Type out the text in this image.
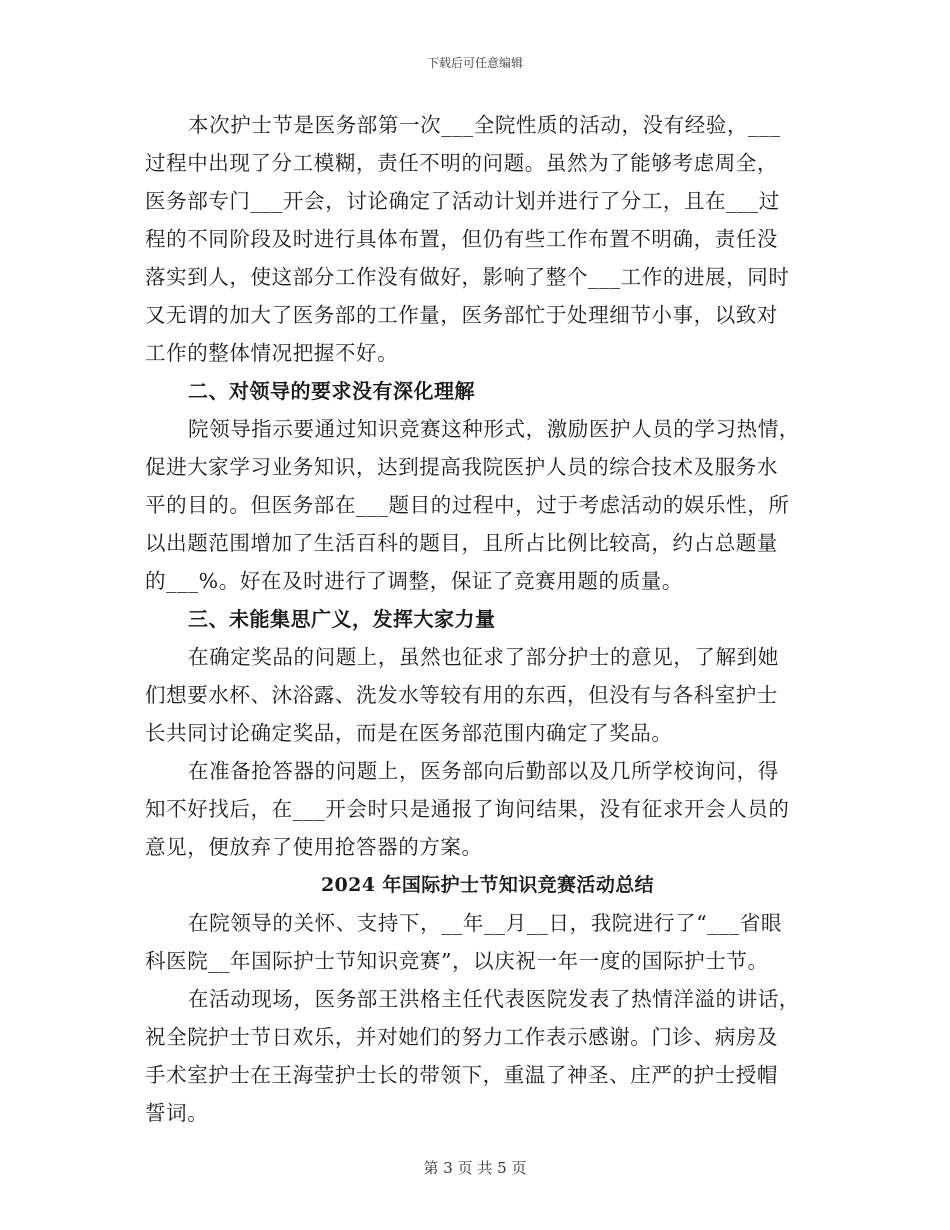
下载后可任意编辑
本次护士节是医务部第一次___全院性质的活动，没有经验，___
过程中出现了分工模糊，责任不明的问题。虽然为了能够考虑周全，
医务部专门___开会，讨论确定了活动计划并进行了分工，且在___过
程的不同阶段及时进行具体布置，但仍有些工作布置不明确，责任没
落实到人，使这部分工作没有做好，影响了整个___工作的进展，同时
又无谓的加大了医务部的工作量，医务部忙于处理细节小事，以致对
工作的整体情况把握不好。
二、对领导的要求没有深化理解
院领导指示要通过知识竞赛这种形式，激励医护人员的学习热情，
促进大家学习业务知识，达到提高我院医护人员的综合技术及服务水
平的目的。但医务部在___题目的过程中，过于考虑活动的娱乐性，所
以出题范围增加了生活百科的题目，且所占比例比较高，约占总题量
的___%。好在及时进行了调整，保证了竞赛用题的质量。
三、未能集思广义，发挥大家力量
在确定奖品的问题上，虽然也征求了部分护士的意见，了解到她
们想要水杯、沐浴露、洗发水等较有用的东西，但没有与各科室护士
长共同讨论确定奖品，而是在医务部范围内确定了奖品。
在准备抢答器的问题上，医务部向后勤部以及几所学校询问，得
知不好找后，在___开会时只是通报了询问结果，没有征求开会人员的
意见，便放弃了使用抢答器的方案。
2024 年国际护士节知识竞赛活动总结
在院领导的关怀、支持下，__年__月__日，我院进行了“___省眼
科医院__年国际护士节知识竞赛”，以庆祝一年一度的国际护士节。
在活动现场，医务部王洪格主任代表医院发表了热情洋溢的讲话，
祝全院护士节日欢乐，并对她们的努力工作表示感谢。门诊、病房及
手术室护士在王海莹护士长的带领下，重温了神圣、庄严的护士授帽
誓词。
第 3 页 共 5 页
